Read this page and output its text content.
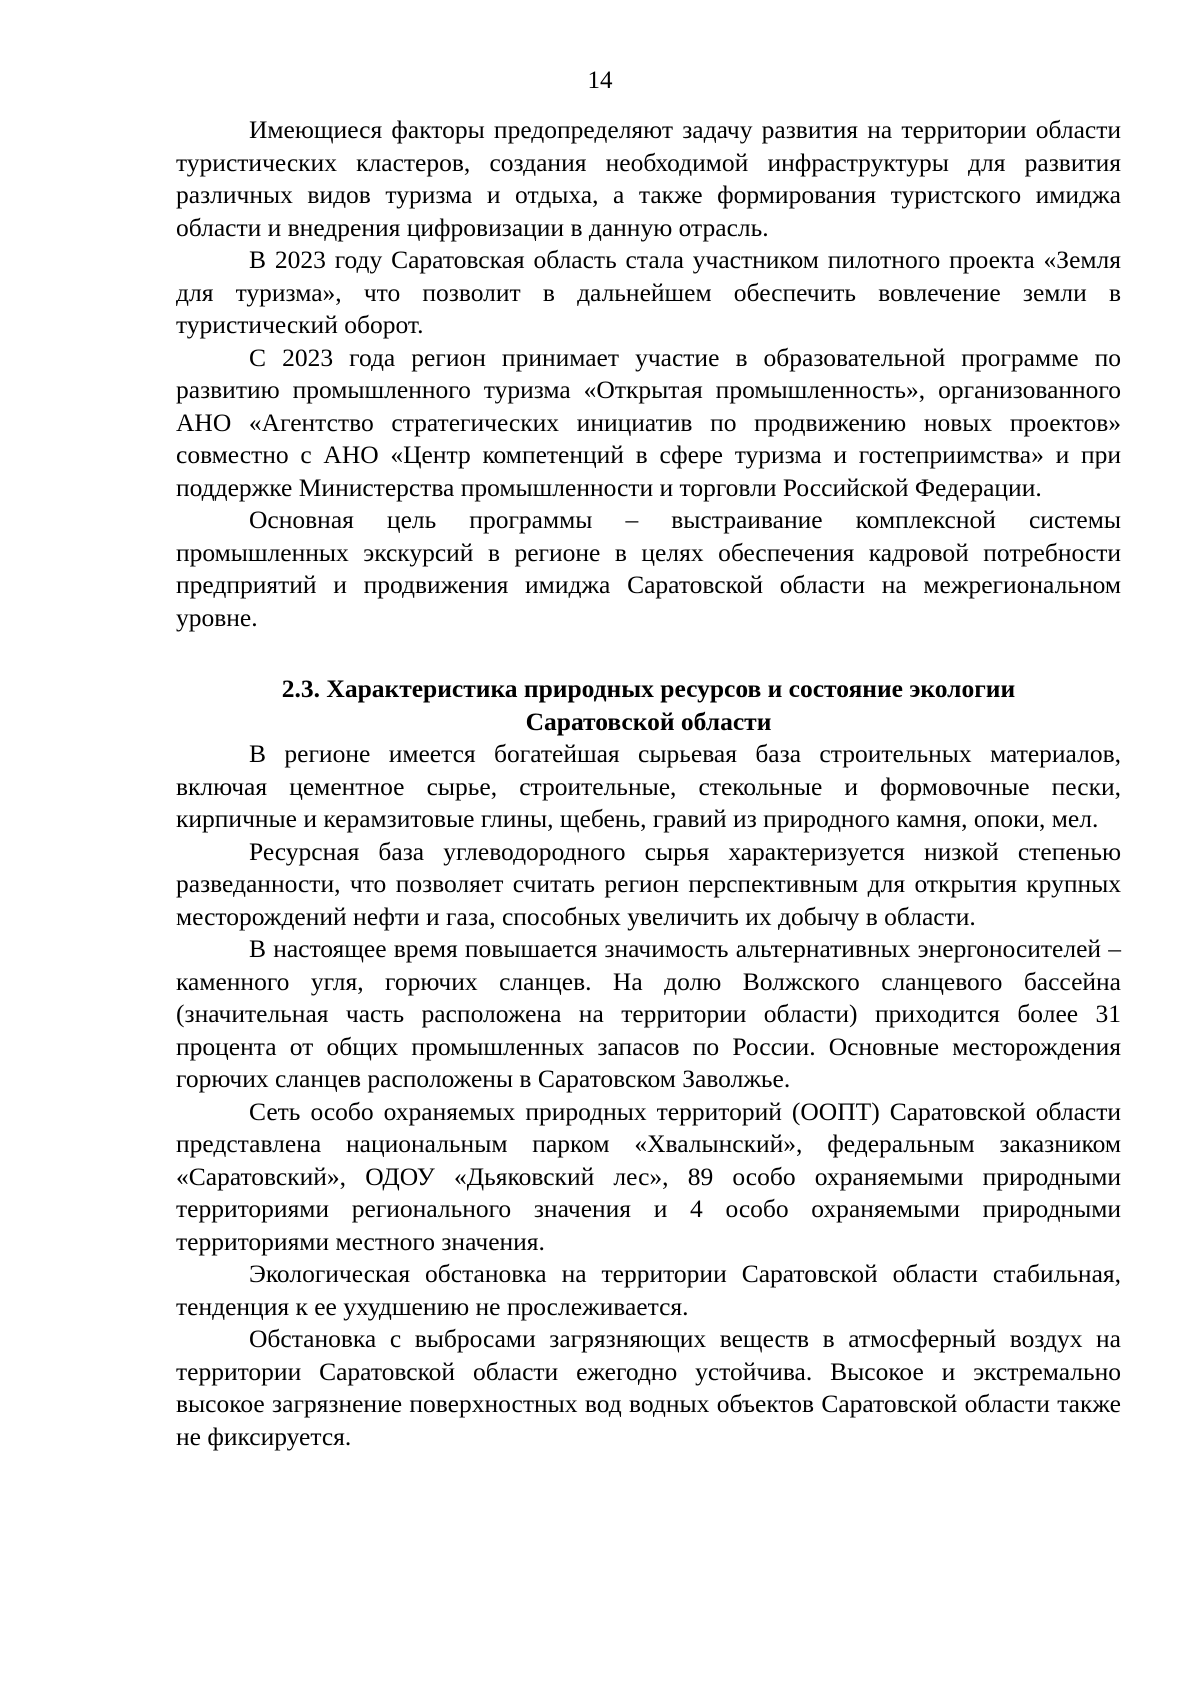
14

Имеющиеся факторы предопределяют задачу развития на территории области туристических кластеров, создания необходимой инфраструктуры для развития различных видов туризма и отдыха, а также формирования туристского имиджа области и внедрения цифровизации в данную отрасль.

В 2023 году Саратовская область стала участником пилотного проекта «Земля для туризма», что позволит в дальнейшем обеспечить вовлечение земли в туристический оборот.

С 2023 года регион принимает участие в образовательной программе по развитию промышленного туризма «Открытая промышленность», организованного АНО «Агентство стратегических инициатив по продвижению новых проектов» совместно с АНО «Центр компетенций в сфере туризма и гостеприимства» и при поддержке Министерства промышленности и торговли Российской Федерации.

Основная цель программы – выстраивание комплексной системы промышленных экскурсий в регионе в целях обеспечения кадровой потребности предприятий и продвижения имиджа Саратовской области на межрегиональном уровне.

2.3. Характеристика природных ресурсов и состояние экологии
Саратовской области

В регионе имеется богатейшая сырьевая база строительных материалов, включая цементное сырье, строительные, стекольные и формовочные пески, кирпичные и керамзитовые глины, щебень, гравий из природного камня, опоки, мел.

Ресурсная база углеводородного сырья характеризуется низкой степенью разведанности, что позволяет считать регион перспективным для открытия крупных месторождений нефти и газа, способных увеличить их добычу в области.

В настоящее время повышается значимость альтернативных энергоносителей – каменного угля, горючих сланцев. На долю Волжского сланцевого бассейна (значительная часть расположена на территории области) приходится более 31 процента от общих промышленных запасов по России. Основные месторождения горючих сланцев расположены в Саратовском Заволжье.

Сеть особо охраняемых природных территорий (ООПТ) Саратовской области представлена национальным парком «Хвалынский», федеральным заказником «Саратовский», ОДОУ «Дьяковский лес», 89 особо охраняемыми природными территориями регионального значения и 4 особо охраняемыми природными территориями местного значения.

Экологическая обстановка на территории Саратовской области стабильная, тенденция к ее ухудшению не прослеживается.

Обстановка с выбросами загрязняющих веществ в атмосферный воздух на территории Саратовской области ежегодно устойчива. Высокое и экстремально высокое загрязнение поверхностных вод водных объектов Саратовской области также не фиксируется.
